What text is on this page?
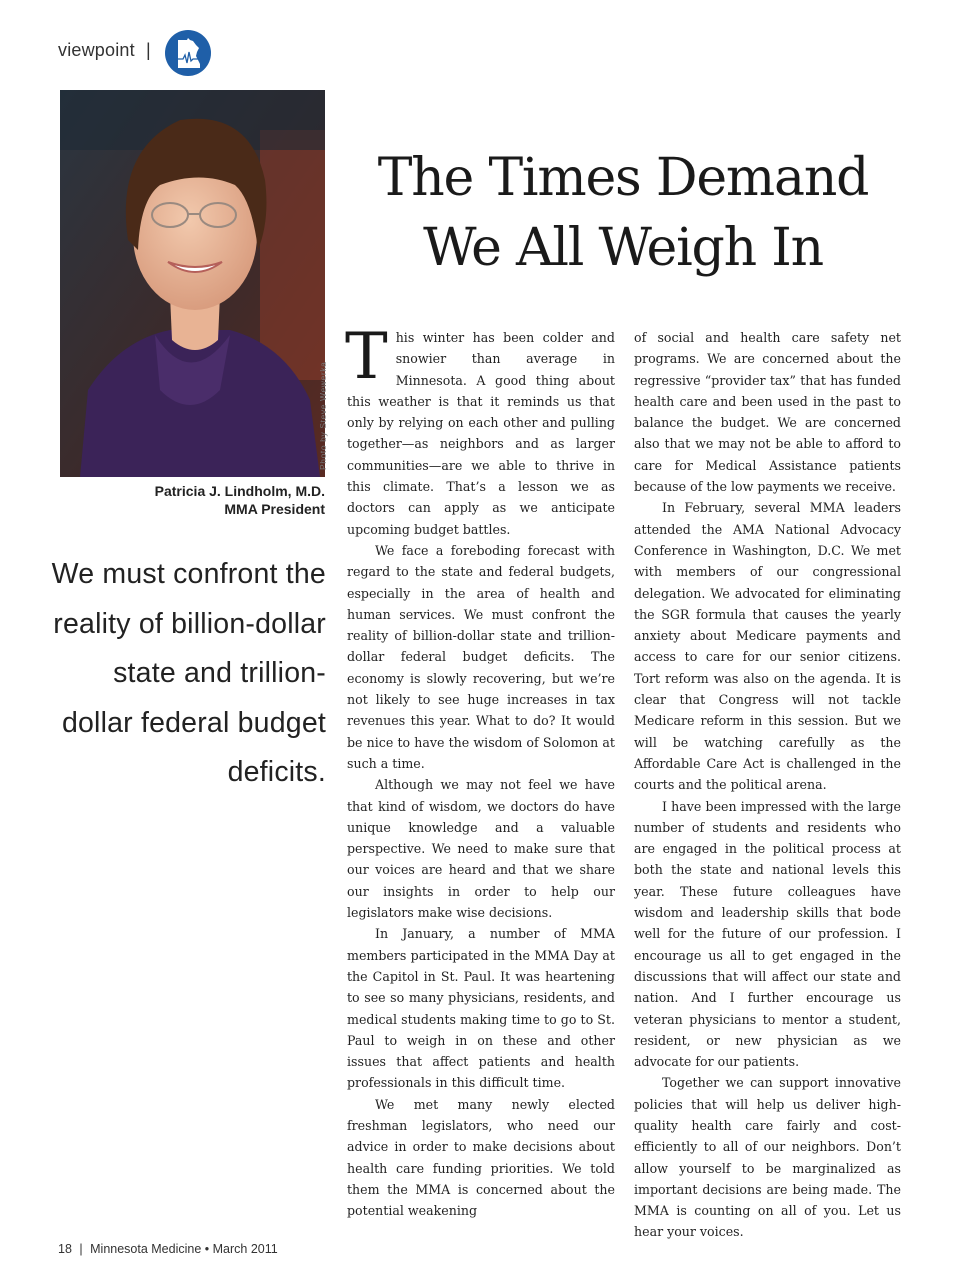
viewpoint |
Photo by Steve Wewerka
Patricia J. Lindholm, M.D.
MMA President
We must confront the reality of billion-dollar state and trillion-dollar federal budget deficits.
The Times Demand
We All Weigh In

This winter has been colder and snowier than average in Minnesota. A good thing about this weather is that it reminds us that only by relying on each other and pulling together—as neighbors and as larger communities—are we able to thrive in this climate. That’s a lesson we as doctors can apply as we anticipate upcoming budget battles.

We face a foreboding forecast with regard to the state and federal budgets, especially in the area of health and human services. We must confront the reality of billion-dollar state and trillion-dollar federal budget deficits. The economy is slowly recovering, but we’re not likely to see huge increases in tax revenues this year. What to do? It would be nice to have the wisdom of Solomon at such a time.

Although we may not feel we have that kind of wisdom, we doctors do have unique knowledge and a valuable perspective. We need to make sure that our voices are heard and that we share our insights in order to help our legislators make wise decisions.

In January, a number of MMA members participated in the MMA Day at the Capitol in St. Paul. It was heartening to see so many physicians, residents, and medical students making time to go to St. Paul to weigh in on these and other issues that affect patients and health professionals in this difficult time.

We met many newly elected freshman legislators, who need our advice in order to make decisions about health care funding priorities. We told them the MMA is concerned about the potential weakening

of social and health care safety net programs. We are concerned about the regressive “provider tax” that has funded health care and been used in the past to balance the budget. We are concerned also that we may not be able to afford to care for Medical Assistance patients because of the low payments we receive.

In February, several MMA leaders attended the AMA National Advocacy Conference in Washington, D.C. We met with members of our congressional delegation. We advocated for eliminating the SGR formula that causes the yearly anxiety about Medicare payments and access to care for our senior citizens. Tort reform was also on the agenda. It is clear that Congress will not tackle Medicare reform in this session. But we will be watching carefully as the Affordable Care Act is challenged in the courts and the political arena.

I have been impressed with the large number of students and residents who are engaged in the political process at both the state and national levels this year. These future colleagues have wisdom and leadership skills that bode well for the future of our profession. I encourage us all to get engaged in the discussions that will affect our state and nation. And I further encourage us veteran physicians to mentor a student, resident, or new physician as we advocate for our patients.

Together we can support innovative policies that will help us deliver high-quality health care fairly and cost-efficiently to all of our neighbors. Don’t allow yourself to be marginalized as important decisions are being made. The MMA is counting on all of you. Let us hear your voices.

18 | Minnesota Medicine • March 2011
